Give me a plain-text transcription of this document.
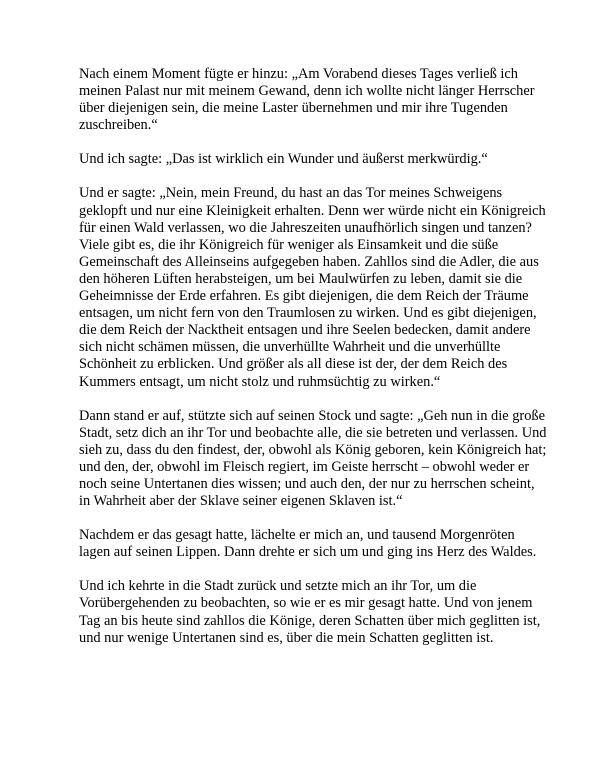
Nach einem Moment fügte er hinzu: „Am Vorabend dieses Tages verließ ich meinen Palast nur mit meinem Gewand, denn ich wollte nicht länger Herrscher über diejenigen sein, die meine Laster übernehmen und mir ihre Tugenden zuschreiben.“

Und ich sagte: „Das ist wirklich ein Wunder und äußerst merkwürdig.“

Und er sagte: „Nein, mein Freund, du hast an das Tor meines Schweigens geklopft und nur eine Kleinigkeit erhalten. Denn wer würde nicht ein Königreich für einen Wald verlassen, wo die Jahreszeiten unaufhörlich singen und tanzen? Viele gibt es, die ihr Königreich für weniger als Einsamkeit und die süße Gemeinschaft des Alleinseins aufgegeben haben. Zahllos sind die Adler, die aus den höheren Lüften herabsteigen, um bei Maulwürfen zu leben, damit sie die Geheimnisse der Erde erfahren. Es gibt diejenigen, die dem Reich der Träume entsagen, um nicht fern von den Traumlosen zu wirken. Und es gibt diejenigen, die dem Reich der Nacktheit entsagen und ihre Seelen bedecken, damit andere sich nicht schämen müssen, die unverhüllte Wahrheit und die unverhüllte Schönheit zu erblicken. Und größer als all diese ist der, der dem Reich des Kummers entsagt, um nicht stolz und ruhmsüchtig zu wirken.“

Dann stand er auf, stützte sich auf seinen Stock und sagte: „Geh nun in die große Stadt, setz dich an ihr Tor und beobachte alle, die sie betreten und verlassen. Und sieh zu, dass du den findest, der, obwohl als König geboren, kein Königreich hat; und den, der, obwohl im Fleisch regiert, im Geiste herrscht – obwohl weder er noch seine Untertanen dies wissen; und auch den, der nur zu herrschen scheint, in Wahrheit aber der Sklave seiner eigenen Sklaven ist.“

Nachdem er das gesagt hatte, lächelte er mich an, und tausend Morgenröten lagen auf seinen Lippen. Dann drehte er sich um und ging ins Herz des Waldes.

Und ich kehrte in die Stadt zurück und setzte mich an ihr Tor, um die Vorübergehenden zu beobachten, so wie er es mir gesagt hatte. Und von jenem Tag an bis heute sind zahllos die Könige, deren Schatten über mich geglitten ist, und nur wenige Untertanen sind es, über die mein Schatten geglitten ist.
